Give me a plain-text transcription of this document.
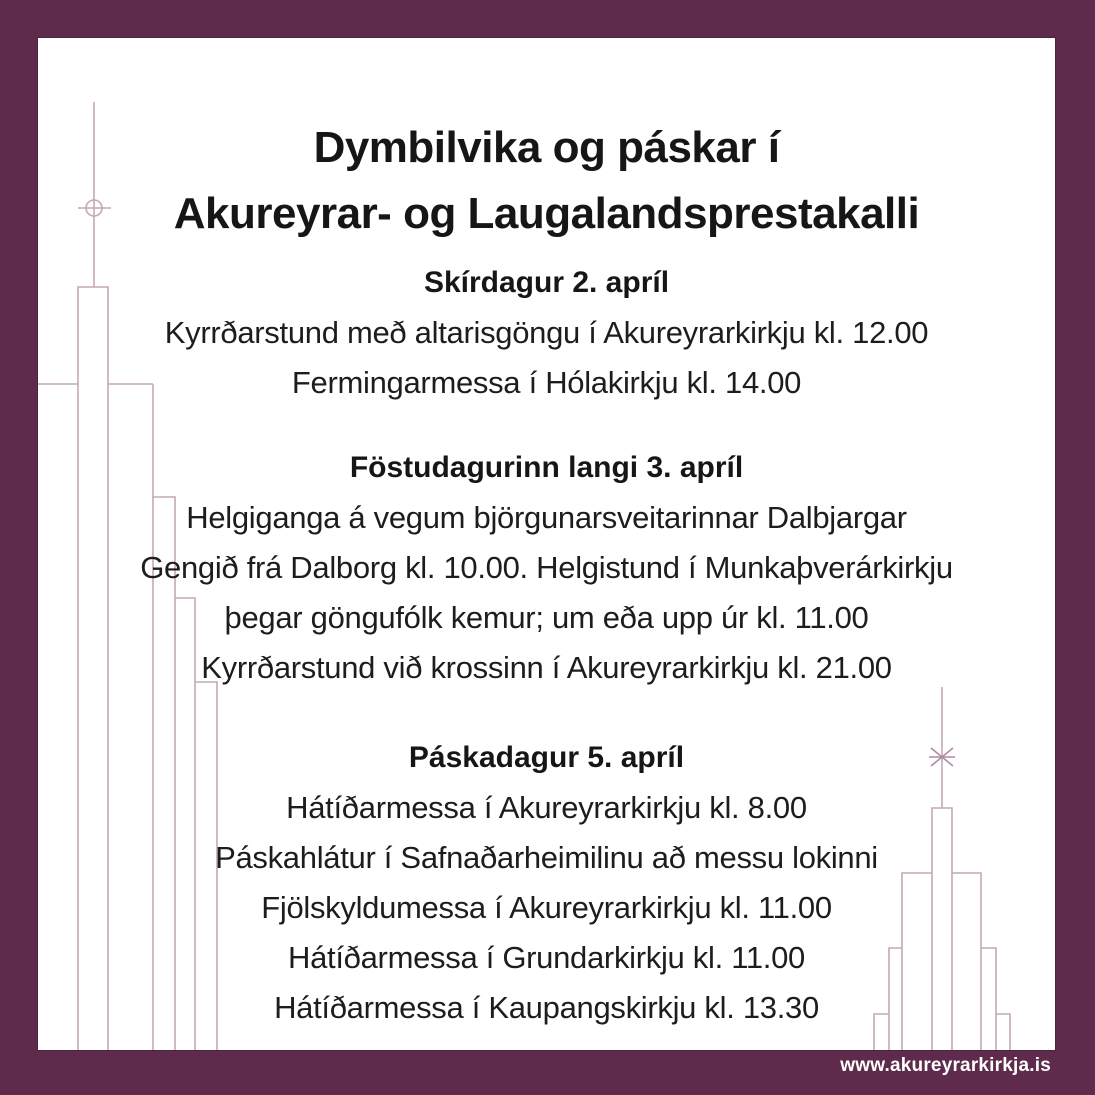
Dymbilvika og páskar í
Akureyrar- og Laugalandsprestakalli
Skírdagur 2. apríl
Kyrrðarstund með altarisgöngu í Akureyrarkirkju kl. 12.00
Fermingarmessa í Hólakirkju kl. 14.00
Föstudagurinn langi 3. apríl
Helgiganga á vegum björgunarsveitarinnar Dalbjargar
Gengið frá Dalborg kl. 10.00. Helgistund í Munkaþverárkirkju
þegar göngufólk kemur; um eða upp úr kl. 11.00
Kyrrðarstund við krossinn í Akureyrarkirkju kl. 21.00
Páskadagur 5. apríl
Hátíðarmessa í Akureyrarkirkju kl. 8.00
Páskahlátur í Safnaðarheimilinu að messu lokinni
Fjölskyldumessa í Akureyrarkirkju kl. 11.00
Hátíðarmessa í Grundarkirkju kl. 11.00
Hátíðarmessa í Kaupangskirkju kl. 13.30
www.akureyrarkirkja.is
